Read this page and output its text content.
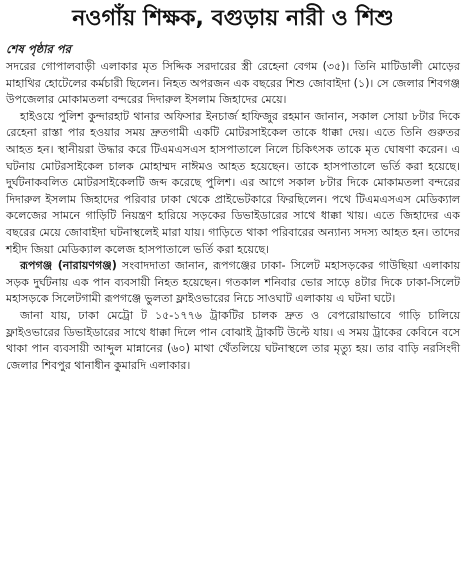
নওগাঁয় শিক্ষক, বগুড়ায় নারী ও শিশু
শেষ পৃষ্ঠার পর

সদরের গোপালবাড়ী এলাকার মৃত সিদ্দিক সরদারের স্ত্রী রেহেনা বেগম (৩৫)। তিনি মাটিডালী মোড়ের মাহাথির হোটেলের কর্মচারী ছিলেন। নিহত অপরজন এক বছরের শিশু জোবাইদা (১)। সে জেলার শিবগঞ্জ উপজেলার মোকামতলা বন্দরের দিদারুল ইসলাম জিহাদের মেয়ে।

হাইওয়ে পুলিশ কুন্দারহাট থানার অফিসার ইনচার্জ হাফিজুর রহমান জানান, সকাল সোয়া ৮টার দিকে রেহেনা রাস্তা পার হওয়ার সময় দ্রুতগামী একটি মোটরসাইকেল তাকে ধাক্কা দেয়। এতে তিনি গুরুতর আহত হন। স্থানীয়রা উদ্ধার করে টিএমএসএস হাসপাতালে নিলে চিকিৎসক তাকে মৃত ঘোষণা করেন। এ ঘটনায় মোটরসাইকেল চালক মোহাম্মদ নাঈমও আহত হয়েছেন। তাকে হাসপাতালে ভর্তি করা হয়েছে। দুর্ঘটনাকবলিত মোটরসাইকেলটি জব্দ করেছে পুলিশ। এর আগে সকাল ৮টার দিকে মোকামতলা বন্দরের দিদারুল ইসলাম জিহাদের পরিবার ঢাকা থেকে প্রাইভেটকারে ফিরছিলেন। পথে টিএমএসএস মেডিক্যাল কলেজের সামনে গাড়িটি নিয়ন্ত্রণ হারিয়ে সড়কের ডিভাইডারের সাথে ধাক্কা খায়। এতে জিহাদের এক বছরের মেয়ে জোবাইদা ঘটনাস্থলেই মারা যায়। গাড়িতে থাকা পরিবারের অন্যান্য সদস্য আহত হন। তাদের শহীদ জিয়া মেডিক্যাল কলেজ হাসপাতালে ভর্তি করা হয়েছে।

রূপগঞ্জ (নারায়ণগঞ্জ) সংবাদদাতা জানান, রূপগঞ্জের ঢাকা- সিলেট মহাসড়কের গাউছিয়া এলাকায় সড়ক দুর্ঘটনায় এক পান ব্যবসায়ী নিহত হয়েছেন। গতকাল শনিবার ভোর সাড়ে ৪টার দিকে ঢাকা-সিলেট মহাসড়কে সিলেটগামী রূপগঞ্জে ভুলতা ফ্লাইওভারের নিচে সাওঘাট এলাকায় এ ঘটনা ঘটে।

জানা যায়, ঢাকা মেট্রো ট ১৫-১৭৭৬ ট্রাকটির চালক দ্রুত ও বেপরোয়াভাবে গাড়ি চালিয়ে ফ্লাইওভারের ডিভাইডারের সাথে ধাক্কা দিলে পান বোঝাই ট্রাকটি উল্টে যায়। এ সময় ট্রাকের কেবিনে বসে থাকা পান ব্যবসায়ী আব্দুল মান্নানের (৬০) মাথা থেঁতলিয়ে ঘটনাস্থলে তার মৃত্যু হয়। তার বাড়ি নরসিংদী জেলার শিবপুর থানাধীন কুমারদি এলাকার।
